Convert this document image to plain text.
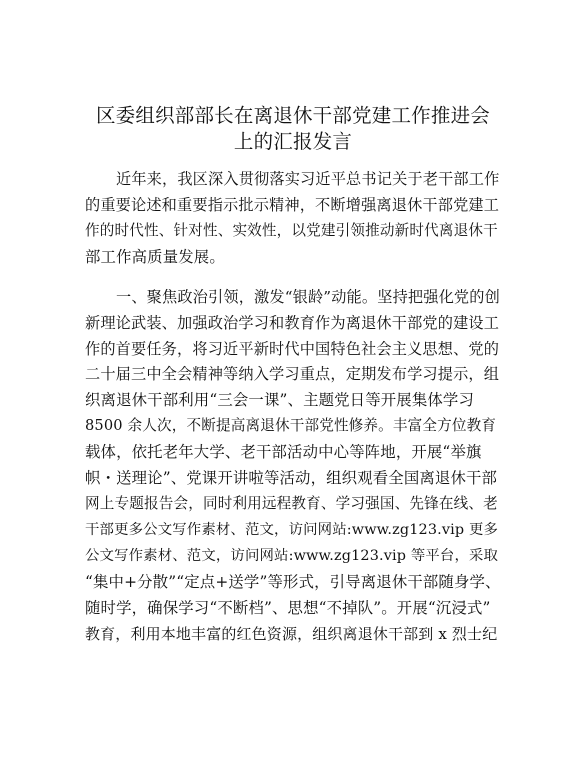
区委组织部部长在离退休干部党建工作推进会
上的汇报发言
近年来，我区深入贯彻落实习近平总书记关于老干部工作
的重要论述和重要指示批示精神，不断增强离退休干部党建工
作的时代性、针对性、实效性，以党建引领推动新时代离退休干
部工作高质量发展。
一、聚焦政治引领，激发“银龄”动能。坚持把强化党的创
新理论武装、加强政治学习和教育作为离退休干部党的建设工
作的首要任务，将习近平新时代中国特色社会主义思想、党的
二十届三中全会精神等纳入学习重点，定期发布学习提示，组
织离退休干部利用“三会一课”、主题党日等开展集体学习
8500 余人次，不断提高离退休干部党性修养。丰富全方位教育
载体，依托老年大学、老干部活动中心等阵地，开展“举旗
帜・送理论”、党课开讲啦等活动，组织观看全国离退休干部
网上专题报告会，同时利用远程教育、学习强国、先锋在线、老
干部更多公文写作素材、范文，访问网站:www.zg123.vip 更多
公文写作素材、范文，访问网站:www.zg123.vip 等平台，采取
“集中+分散”“定点+送学”等形式，引导离退休干部随身学、
随时学，确保学习“不断档”、思想“不掉队”。开展“沉浸式”
教育，利用本地丰富的红色资源，组织离退休干部到 x 烈士纪
